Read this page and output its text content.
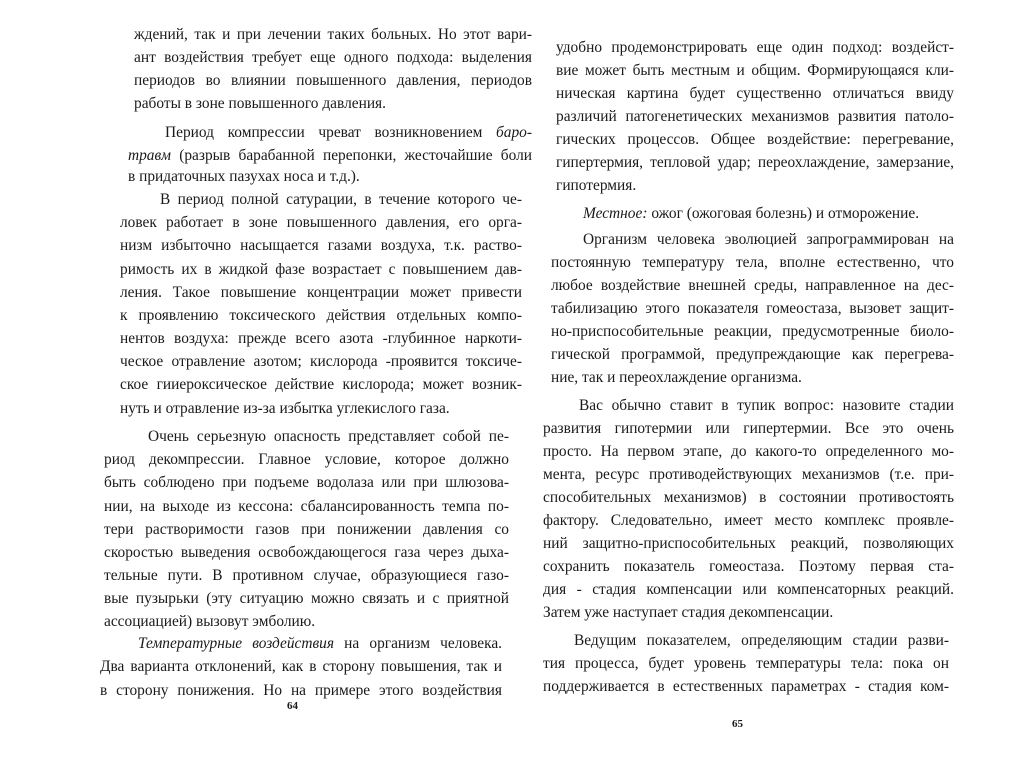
ждений, так и при лечении таких больных. Но этот вари-
ант воздействия требует еще одного подхода: выделения
периодов во влиянии повышенного давления, периодов
работы в зоне повышенного давления.
Период компрессии чреват возникновением баро-
травм (разрыв барабанной перепонки, жесточайшие боли
в придаточных пазухах носа и т.д.).
В период полной сатурации, в течение которого че-
ловек работает в зоне повышенного давления, его орга-
низм избыточно насыщается газами воздуха, т.к. раство-
римость их в жидкой фазе возрастает с повышением дав-
ления. Такое повышение концентрации может привести
к проявлению токсического действия отдельных компо-
нентов воздуха: прежде всего азота -глубинное наркоти-
ческое отравление азотом; кислорода -проявится токсиче-
ское гииероксическое действие кислорода; может возник-
нуть и отравление из-за избытка углекислого газа.
Очень серьезную опасность представляет собой пе-
риод декомпрессии. Главное условие, которое должно
быть соблюдено при подъеме водолаза или при шлюзова-
нии, на выходе из кессона: сбалансированность темпа по-
тери растворимости газов при понижении давления со
скоростью выведения освобождающегося газа через дыха-
тельные пути. В противном случае, образующиеся газо-
вые пузырьки (эту ситуацию можно связать и с приятной
ассоциацией) вызовут эмболию.
Температурные воздействия на организм человека.
Два варианта отклонений, как в сторону повышения, так и
в сторону понижения. Но на примере этого воздействия
64
удобно продемонстрировать еще один подход: воздейст-
вие может быть местным и общим. Формирующаяся кли-
ническая картина будет существенно отличаться ввиду
различий патогенетических механизмов развития патоло-
гических процессов. Общее воздействие: перегревание,
гипертермия, тепловой удар; переохлаждение, замерзание,
гипотермия.
Местное: ожог (ожоговая болезнь) и отморожение.
Организм человека эволюцией запрограммирован на
постоянную температуру тела, вполне естественно, что
любое воздействие внешней среды, направленное на дес-
табилизацию этого показателя гомеостаза, вызовет защит-
но-приспособительные реакции, предусмотренные биоло-
гической программой, предупреждающие как перегрева-
ние, так и переохлаждение организма.
Вас обычно ставит в тупик вопрос: назовите стадии
развития гипотермии или гипертермии. Все это очень
просто. На первом этапе, до какого-то определенного мо-
мента, ресурс противодействующих механизмов (т.е. при-
способительных механизмов) в состоянии противостоять
фактору. Следовательно, имеет место комплекс проявле-
ний защитно-приспособительных реакций, позволяющих
сохранить показатель гомеостаза. Поэтому первая ста-
дия - стадия компенсации или компенсаторных реакций.
Затем уже наступает стадия декомпенсации.
Ведущим показателем, определяющим стадии разви-
тия процесса, будет уровень температуры тела: пока он
поддерживается в естественных параметрах - стадия ком-
65
